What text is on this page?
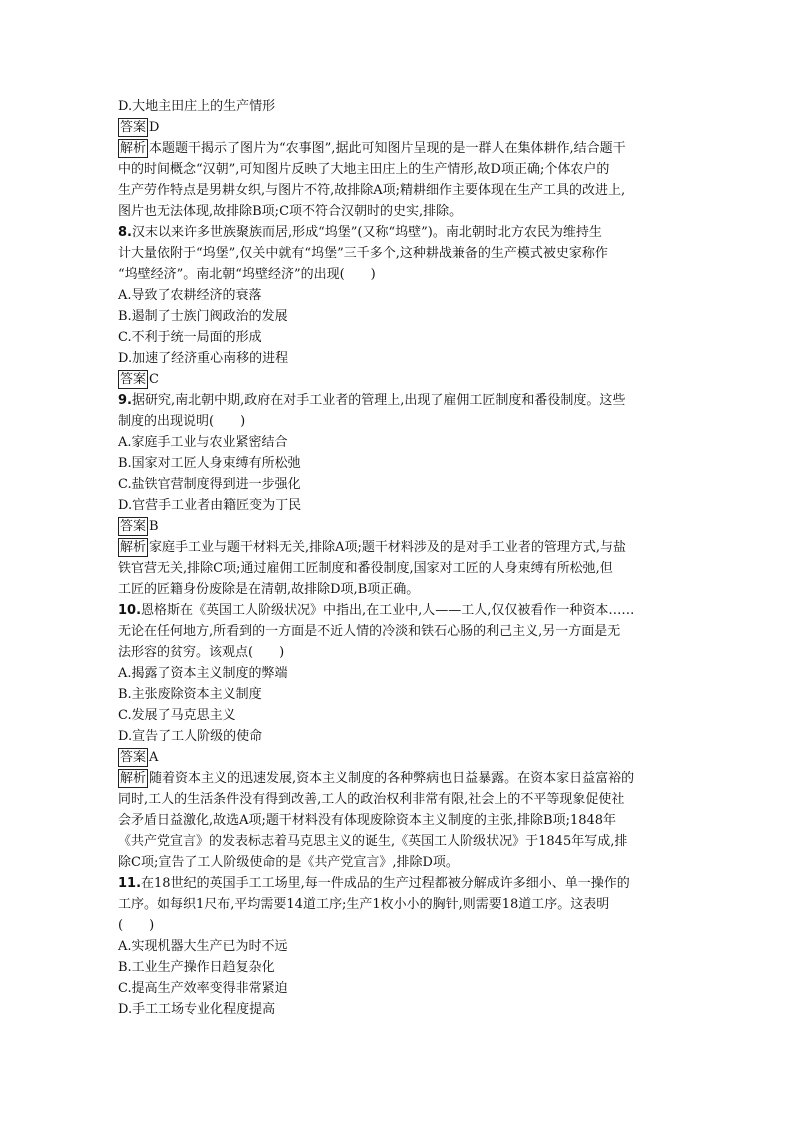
D.大地主田庄上的生产情形
答案 D
解析 本题题干揭示了图片为“农事图”,据此可知图片呈现的是一群人在集体耕作,结合题干
中的时间概念“汉朝”,可知图片反映了大地主田庄上的生产情形,故D项正确;个体农户的
生产劳作特点是男耕女织,与图片不符,故排除A项;精耕细作主要体现在生产工具的改进上,
图片也无法体现,故排除B项;C项不符合汉朝时的史实,排除。
8.汉末以来许多世族聚族而居,形成“坞堡”(又称“坞壁”)。南北朝时北方农民为维持生
计大量依附于“坞堡”,仅关中就有“坞堡”三千多个,这种耕战兼备的生产模式被史家称作
“坞壁经济”。南北朝“坞壁经济”的出现(　　)
A.导致了农耕经济的衰落
B.遏制了士族门阀政治的发展
C.不利于统一局面的形成
D.加速了经济重心南移的进程
答案 C
9.据研究,南北朝中期,政府在对手工业者的管理上,出现了雇佣工匠制度和番役制度。这些
制度的出现说明(　　)
A.家庭手工业与农业紧密结合
B.国家对工匠人身束缚有所松弛
C.盐铁官营制度得到进一步强化
D.官营手工业者由籍匠变为丁民
答案 B
解析 家庭手工业与题干材料无关,排除A项;题干材料涉及的是对手工业者的管理方式,与盐
铁官营无关,排除C项;通过雇佣工匠制度和番役制度,国家对工匠的人身束缚有所松弛,但
工匠的匠籍身份废除是在清朝,故排除D项,B项正确。
10.恩格斯在《英国工人阶级状况》中指出,在工业中,人——工人,仅仅被看作一种资本……
无论在任何地方,所看到的一方面是不近人情的冷淡和铁石心肠的利己主义,另一方面是无
法形容的贫穷。该观点(　　)
A.揭露了资本主义制度的弊端
B.主张废除资本主义制度
C.发展了马克思主义
D.宣告了工人阶级的使命
答案 A
解析 随着资本主义的迅速发展,资本主义制度的各种弊病也日益暴露。在资本家日益富裕的
同时,工人的生活条件没有得到改善,工人的政治权利非常有限,社会上的不平等现象促使社
会矛盾日益激化,故选A项;题干材料没有体现废除资本主义制度的主张,排除B项;1848年
《共产党宣言》的发表标志着马克思主义的诞生,《英国工人阶级状况》于1845年写成,排
除C项;宣告了工人阶级使命的是《共产党宣言》,排除D项。
11.在18世纪的英国手工工场里,每一件成品的生产过程都被分解成许多细小、单一操作的
工序。如每织1尺布,平均需要14道工序;生产1枚小小的胸针,则需要18道工序。这表明
(　　)
A.实现机器大生产已为时不远
B.工业生产操作日趋复杂化
C.提高生产效率变得非常紧迫
D.手工工场专业化程度提高
